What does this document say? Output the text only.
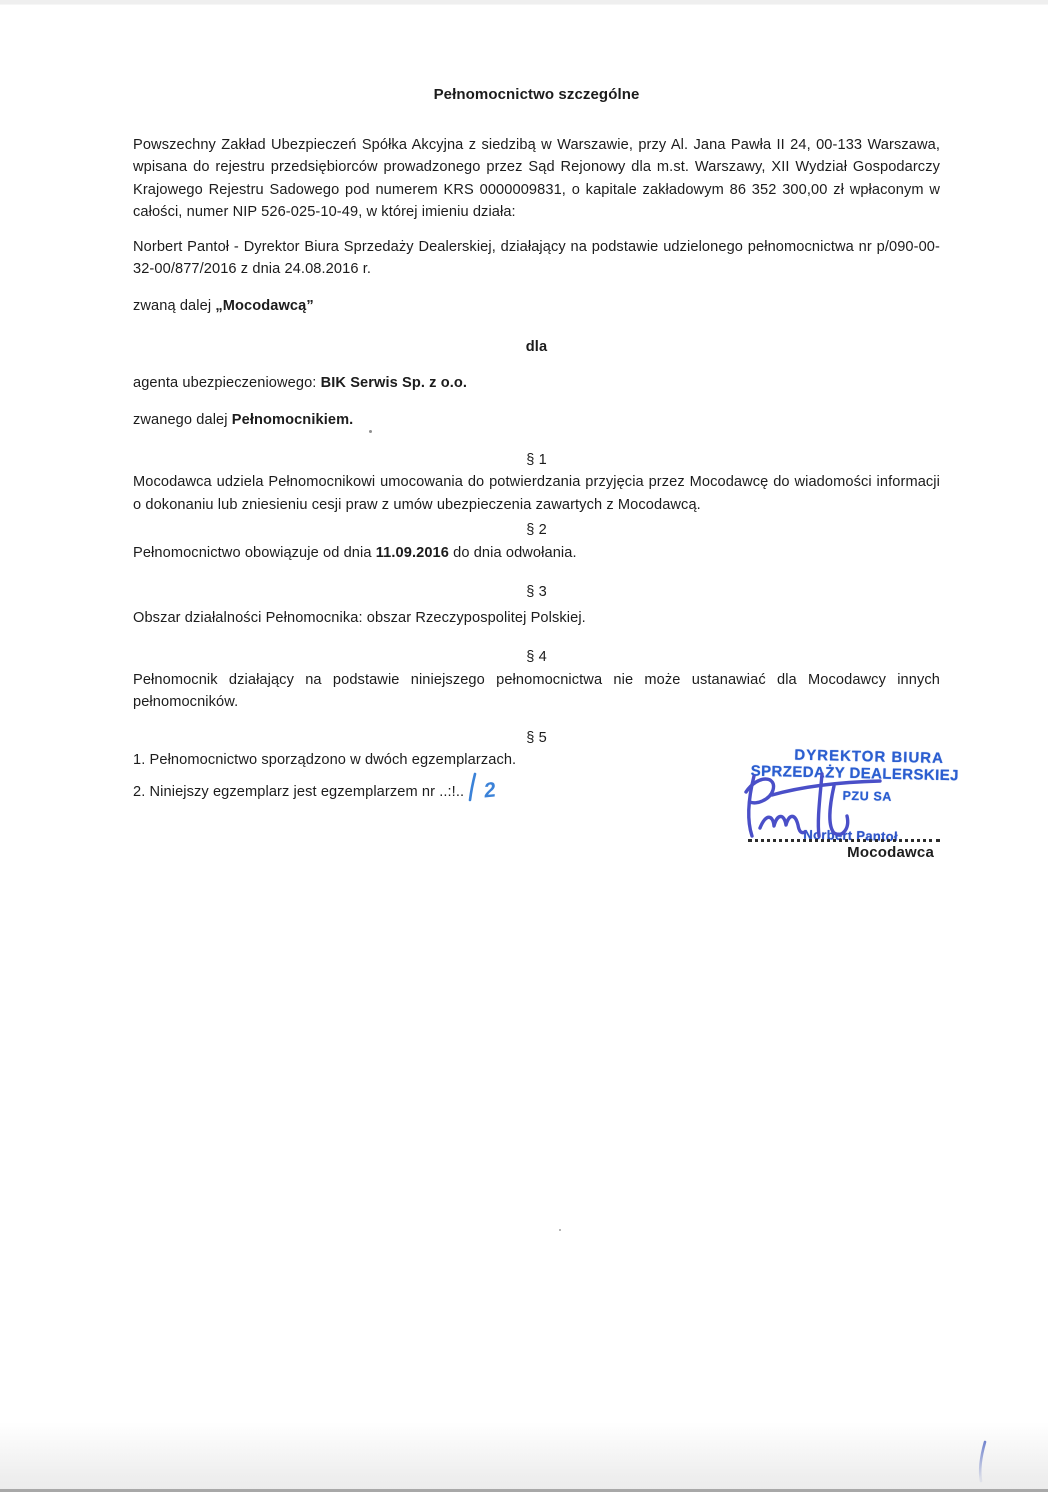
Pełnomocnictwo szczególne

Powszechny Zakład Ubezpieczeń Spółka Akcyjna z siedzibą w Warszawie, przy Al. Jana Pawła II 24, 00-133 Warszawa, wpisana do rejestru przedsiębiorców prowadzonego przez Sąd Rejonowy dla m.st. Warszawy, XII Wydział Gospodarczy Krajowego Rejestru Sadowego pod numerem KRS 0000009831, o kapitale zakładowym 86 352 300,00 zł wpłaconym w całości, numer NIP 526-025-10-49, w której imieniu działa:

Norbert Pantoł - Dyrektor Biura Sprzedaży Dealerskiej, działający na podstawie udzielonego pełnomocnictwa nr p/090-00-32-00/877/2016 z dnia 24.08.2016 r.

zwaną dalej „Mocodawcą”

dla

agenta ubezpieczeniowego: BIK Serwis Sp. z o.o.

zwanego dalej Pełnomocnikiem.

§ 1

Mocodawca udziela Pełnomocnikowi umocowania do potwierdzania przyjęcia przez Mocodawcę do wiadomości informacji o dokonaniu lub zniesieniu cesji praw z umów ubezpieczenia zawartych z Mocodawcą.

§ 2

Pełnomocnictwo obowiązuje od dnia 11.09.2016 do dnia odwołania.

§ 3

Obszar działalności Pełnomocnika: obszar Rzeczypospolitej Polskiej.

§ 4

Pełnomocnik działający na podstawie niniejszego pełnomocnictwa nie może ustanawiać dla Mocodawcy innych pełnomocników.

§ 5

1. Pełnomocnictwo sporządzono w dwóch egzemplarzach.

2. Niniejszy egzemplarz jest egzemplarzem nr ..:!.. 2

DYREKTOR BIURA
SPRZEDAŻY DEALERSKIEJ
PZU SA
Norbert Pantoł
Mocodawca
